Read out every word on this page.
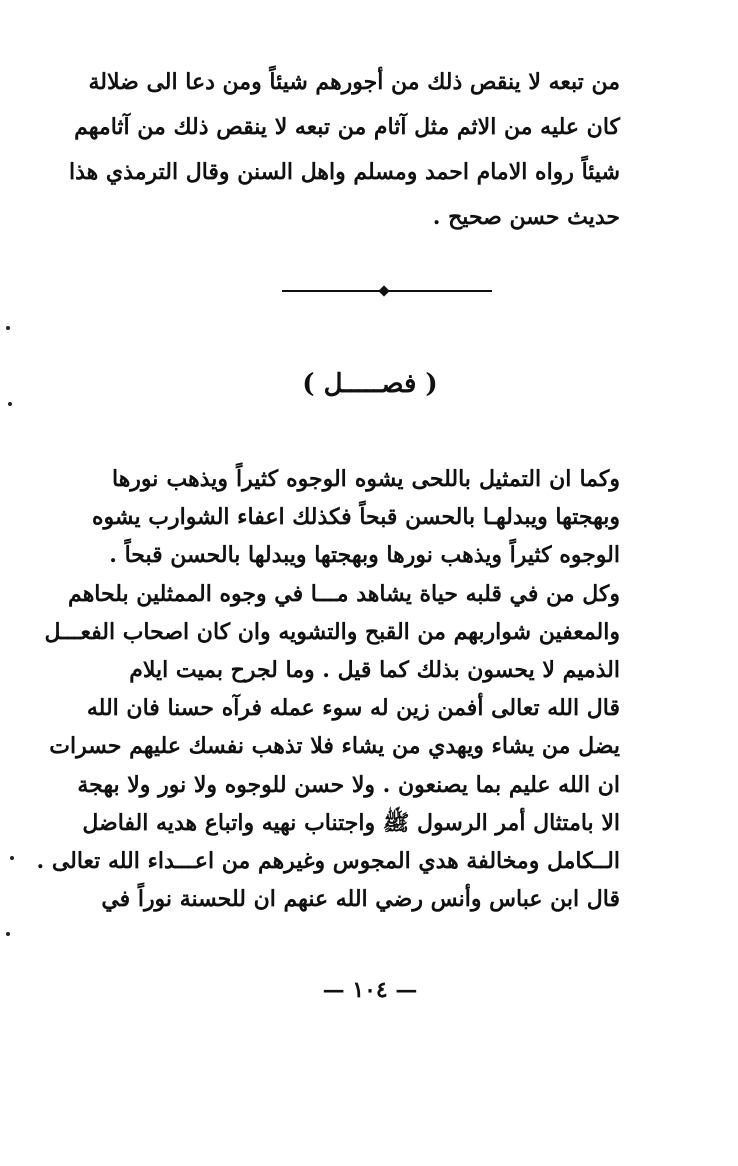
من تبعه لا ينقص ذلك من أجورهم شيئاً ومن دعا الى ضلالة
كان عليه من الاثم مثل آثام من تبعه لا ينقص ذلك من آثامهم
شيئاً رواه الامام احمد ومسلم واهل السنن وقال الترمذي هذا
حديث حسن صحيح .
( فصـــــل )
وكما ان التمثيل باللحى يشوه الوجوه كثيراً ويذهب نورها
وبهجتها ويبدلهـا بالحسن قبحاً فكذلك اعفاء الشوارب يشوه
الوجوه كثيراً ويذهب نورها وبهجتها ويبدلها بالحسن قبحاً .
وكل من في قلبه حياة يشاهد مـــا في وجوه الممثلين بلحاهم
والمعفين شواربهم من القبح والتشويه وان كان اصحاب الفعـــل
الذميم لا يحسون بذلك كما قيل . وما لجرح بميت ايلام
قال الله تعالى أفمن زين له سوء عمله فرآه حسنا فان الله
يضل من يشاء ويهدي من يشاء فلا تذهب نفسك عليهم حسرات
ان الله عليم بما يصنعون . ولا حسن للوجوه ولا نور ولا بهجة
الا بامتثال أمر الرسول ﷺ واجتناب نهيه واتباع هديه الفاضل
الــكامل ومخالفة هدي المجوس وغيرهم من اعـــداء الله تعالى .
قال ابن عباس وأنس رضي الله عنهم ان للحسنة نوراً في
— ١٠٤ —
